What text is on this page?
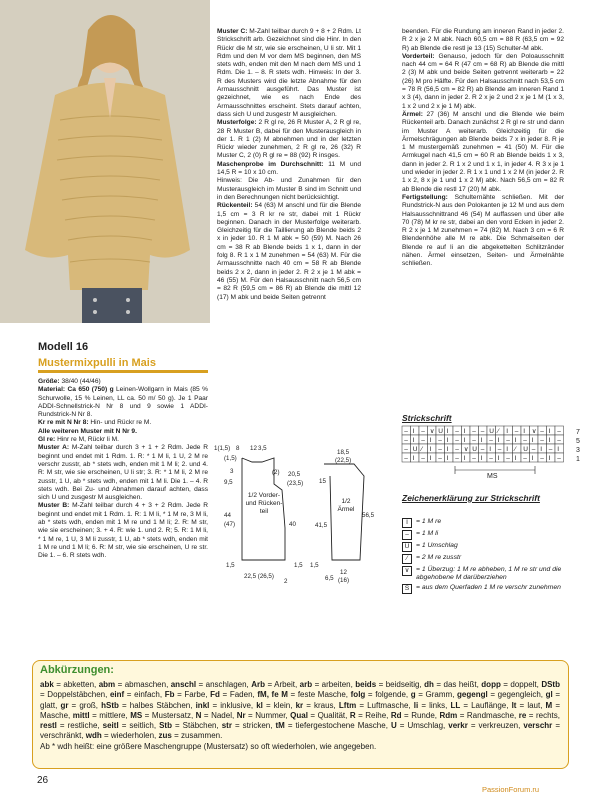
Modell 16
Mustermixpulli in Mais

Größe: 38/40 (44/46)

Material: Ca 650 (750) g Leinen-Wollgarn in Mais (85 % Schurwolle, 15 % Leinen, LL ca. 50 m/ 50 g). Je 1 Paar ADDI-Schnellstrick-N Nr 8 und 9 sowie 1 ADDI-Rundstrick-N Nr 8.

Kr re mit N Nr 8: Hin- und Rückr re M.

Alle weiteren Muster mit N Nr 9.

Gl re: Hinr re M, Rückr li M.

Muster A: M-Zahl teilbar durch 3 + 1 + 2 Rdm. Jede R beginnt und endet mit 1 Rdm. 1. R: * 1 M li, 1 U, 2 M re verschr zusstr, ab * stets wdh, enden mit 1 M li; 2. und 4. R: M str, wie sie erscheinen, U li str; 3. R: * 1 M li, 2 M re zusstr, 1 U, ab * stets wdh, enden mit 1 M li. Die 1. – 4. R stets wdh. Bei Zu- und Abnahmen darauf achten, dass sich U und zusgestr M ausgleichen.

Muster B: M-Zahl teilbar durch 4 + 3 + 2 Rdm. Jede R beginnt und endet mit 1 Rdm. 1. R: 1 M li, * 1 M re, 3 M li, ab * stets wdh, enden mit 1 M re und 1 M li; 2. R: M str, wie sie erscheinen; 3. + 4. R: wie 1. und 2. R; 5. R: 1 M li, * 1 M re, 1 U, 3 M li zusstr, 1 U, ab * stets wdh, enden mit 1 M re und 1 M li; 6. R: M str, wie sie erscheinen, U re str. Die 1. – 6. R stets wdh.

Muster C: M-Zahl teilbar durch 9 + 8 + 2 Rdm. Lt Strickschrift arb. Gezeichnet sind die Hinr. In den Rückr die M str, wie sie erscheinen, U li str. Mit 1 Rdm und den M vor dem MS beginnen, den MS stets wdh, enden mit den M nach dem MS und 1 Rdm. Die 1. – 8. R stets wdh. Hinweis: In der 3. R des Musters wird die letzte Abnahme für den Armausschnitt ausgeführt. Das Muster ist gezeichnet, wie es nach Ende des Armausschnittes erscheint. Stets darauf achten, dass sich U und zusgestr M ausgleichen.

Musterfolge: 2 R gl re, 26 R Muster A, 2 R gl re, 28 R Muster B, dabei für den Musterausgleich in der 1. R 1 (2) M abnehmen und in der letzten Rückr wieder zunehmen, 2 R gl re, 26 (32) R Muster C, 2 (0) R gl re = 88 (92) R insges.

Maschenprobe im Durchschnitt: 11 M und 14,5 R = 10 x 10 cm.

Hinweis: Die Ab- und Zunahmen für den Musterausgleich im Muster B sind im Schnitt und in den Berechnungen nicht berücksichtigt.

Rückenteil: 54 (63) M anschl und für die Blende 1,5 cm = 3 R kr re str, dabei mit 1 Rückr beginnen. Danach in der Musterfolge weiterarb. Gleichzeitig für die Taillierung ab Blende beids 2 x in jeder 10. R 1 M abk = 50 (59) M. Nach 26 cm = 38 R ab Blende beids 1 x 1, dann in der folg 8. R 1 x 1 M zunehmen = 54 (63) M. Für die Armausschnitte nach 40 cm = 58 R ab Blende beids 2 x 2, dann in jeder 2. R 2 x je 1 M abk = 46 (55) M. Für den Halsausschnitt nach 56,5 cm = 82 R (59,5 cm = 86 R) ab Blende die mittl 12 (17) M abk und beide Seiten getrennt

beenden. Für die Rundung am inneren Rand in jeder 2. R 2 x je 2 M abk. Nach 60,5 cm = 88 R (63,5 cm = 92 R) ab Blende die restl je 13 (15) Schulter-M abk.

Vorderteil: Genauso, jedoch für den Poloausschnitt nach 44 cm = 64 R (47 cm = 68 R) ab Blende die mittl 2 (3) M abk und beide Seiten getrennt weiterarb = 22 (26) M pro Hälfte. Für den Halsausschnitt nach 53,5 cm = 78 R (56,5 cm = 82 R) ab Blende am inneren Rand 1 x 3 (4), dann in jeder 2. R 2 x je 2 und 2 x je 1 M (1 x 3, 1 x 2 und 2 x je 1 M) abk.

Ärmel: 27 (36) M anschl und die Blende wie beim Rückenteil arb. Danach zunächst 2 R gl re str und dann im Muster A weiterarb. Gleichzeitig für die Ärmelschrägungen ab Blende beids 7 x in jeder 8. R je 1 M mustergemäß zunehmen = 41 (50) M. Für die Armkugel nach 41,5 cm = 60 R ab Blende beids 1 x 3, dann in jeder 2. R 1 x 2 und 1 x 1, in jeder 4. R 3 x je 1 und wieder in jeder 2. R 1 x 1 und 1 x 2 M (in jeder 2. R 1 x 2, 8 x je 1 und 1 x 2 M) abk. Nach 56,5 cm = 82 R ab Blende die restl 17 (20) M abk.

Fertigstellung: Schulternähte schließen. Mit der Rundstrick-N aus den Polokanten je 12 M und aus dem Halsausschnittrand 46 (54) M auffassen und über alle 70 (78) M kr re str, dabei an den vord Ecken in jeder 2. R 2 x je 1 M zunehmen = 74 (82) M. Nach 3 cm = 6 R Blendenhöhe alle M re abk. Die Schmalseiten der Blende re auf li an die abgekettelten Schlitzränder nähen. Ärmel einsetzen, Seiten- und Ärmelnähte schließen.

1(1,5) 8 12 3,5
(1,5)
3
9,5
(2)
44
(47)
20,5
(23,5)
40	41,5
15
56,5
18,5
(22,5)
1,5	1,5 1,5
22,5 (26,5)
2	6,5
12
(16)
1/2 Vorder- und Rücken- teil
1/2 Ärmel
Strickschrift
– I – ∨ U I – I – – U ∕ I – I ∨ – I –
– I – I – I – I – I – I – I – I – I –
– U ∕ I – I – ∨ U – I – I	∕ U – I – I
– I – I – I – I – I – I – I – I – I –
7
5
3
1
MS
Zeichenerklärung zur Strickschrift
I	= 1 M re
–	= 1 M li
U = 1 Umschlag
∕	= 2 M re zusstr
∨ = 1 Überzug: 1 M re abheben, 1 M re str und die abgehobene M darüberziehen
S	= aus dem Querfaden 1 M re verschr zunehmen
Abkürzungen:
abk = abketten, abm = abmaschen, anschl = anschlagen, Arb = Arbeit, arb = arbeiten, beids = beidseitig, dh = das heißt, dopp = doppelt, DStb = Doppelstäbchen, einf = einfach, Fb = Farbe, Fd = Faden, fM, fe M = feste Masche, folg = folgende, g = Gramm, gegengl = gegengleich, gl = glatt, gr = groß, hStb = halbes Stäbchen, inkl = inklusive, kl = klein, kr = kraus, Lftm = Luftmasche, li = links, LL = Lauflänge, lt = laut, M = Masche, mittl = mittlere, MS = Mustersatz, N = Nadel, Nr = Nummer, Qual = Qualität, R = Reihe, Rd = Runde, Rdm = Randmasche, re = rechts, restl = restliche, seitl = seitlich, Stb = Stäbchen, str = stricken, tM = tiefergestochene Masche, U = Umschlag, verkr = verkreuzen, verschr = verschränkt, wdh = wiederholen, zus = zusammen.
Ab * wdh heißt: eine größere Maschengruppe (Mustersatz) so oft wiederholen, wie angegeben.
26
PassionForum.ru
